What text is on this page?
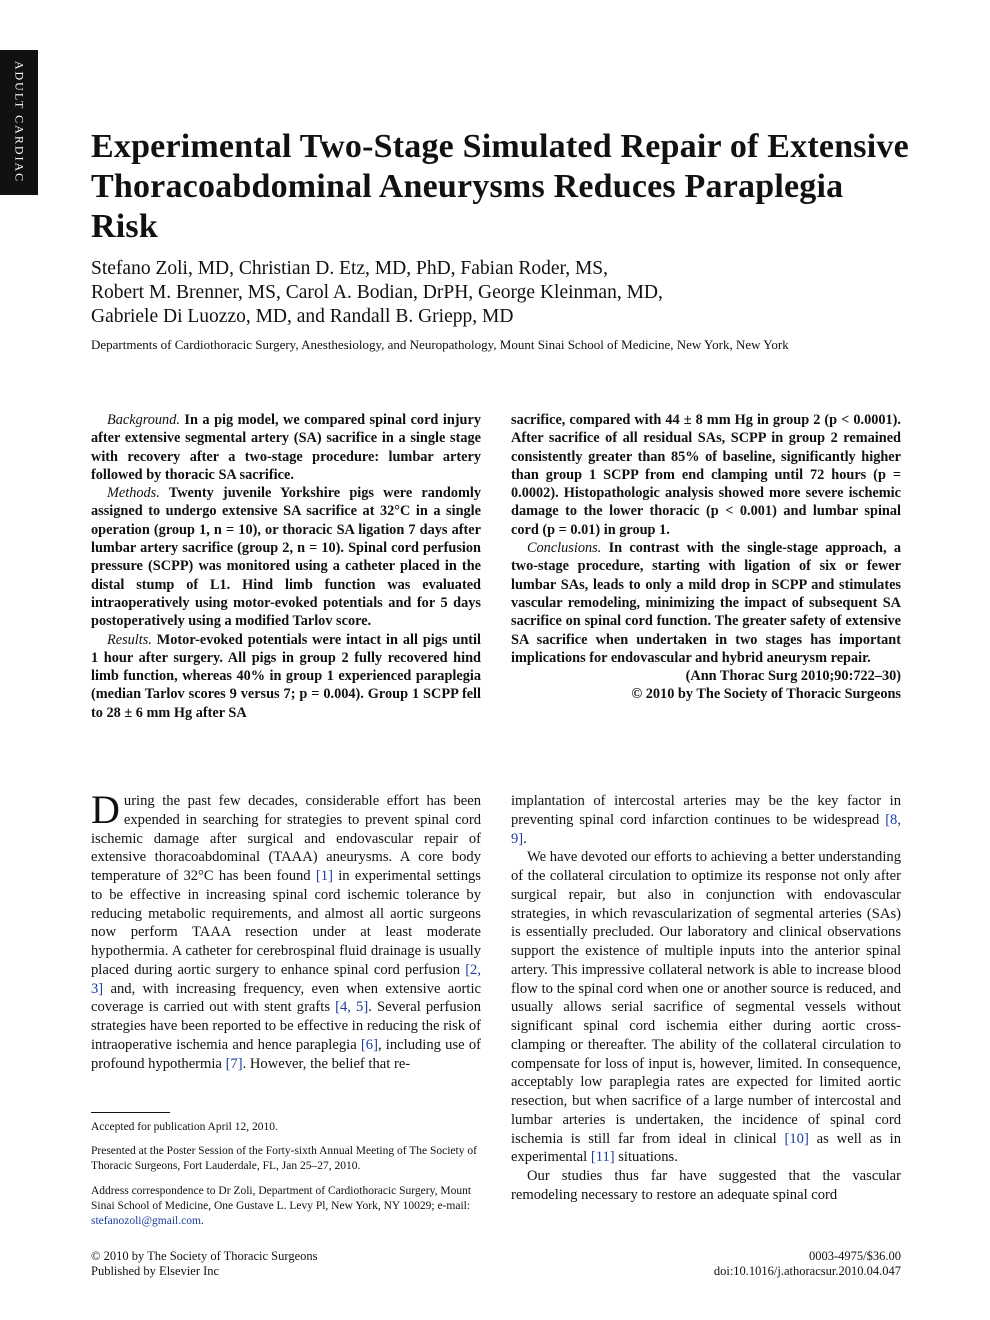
ADULT CARDIAC Experimental Two-Stage Simulated Repair of Extensive Thoracoabdominal Aneurysms Reduces Paraplegia Risk
Stefano Zoli, MD, Christian D. Etz, MD, PhD, Fabian Roder, MS,
Robert M. Brenner, MS, Carol A. Bodian, DrPH, George Kleinman, MD,
Gabriele Di Luozzo, MD, and Randall B. Griepp, MD

Departments of Cardiothoracic Surgery, Anesthesiology, and Neuropathology, Mount Sinai School of Medicine, New York, New York

Background. In a pig model, we compared spinal cord injury after extensive segmental artery (SA) sacrifice in a single stage with recovery after a two-stage procedure: lumbar artery followed by thoracic SA sacrifice.

Methods. Twenty juvenile Yorkshire pigs were randomly assigned to undergo extensive SA sacrifice at 32°C in a single operation (group 1, n = 10), or thoracic SA ligation 7 days after lumbar artery sacrifice (group 2, n = 10). Spinal cord perfusion pressure (SCPP) was monitored using a catheter placed in the distal stump of L1. Hind limb function was evaluated intraoperatively using motor-evoked potentials and for 5 days postoperatively using a modified Tarlov score.

Results. Motor-evoked potentials were intact in all pigs until 1 hour after surgery. All pigs in group 2 fully recovered hind limb function, whereas 40% in group 1 experienced paraplegia (median Tarlov scores 9 versus 7; p = 0.004). Group 1 SCPP fell to 28 ± 6 mm Hg after SA

sacrifice, compared with 44 ± 8 mm Hg in group 2 (p < 0.0001). After sacrifice of all residual SAs, SCPP in group 2 remained consistently greater than 85% of baseline, significantly higher than group 1 SCPP from end clamping until 72 hours (p = 0.0002). Histopathologic analysis showed more severe ischemic damage to the lower thoracic (p < 0.001) and lumbar spinal cord (p = 0.01) in group 1.

Conclusions. In contrast with the single-stage approach, a two-stage procedure, starting with ligation of six or fewer lumbar SAs, leads to only a mild drop in SCPP and stimulates vascular remodeling, minimizing the impact of subsequent SA sacrifice on spinal cord function. The greater safety of extensive SA sacrifice when undertaken in two stages has important implications for endovascular and hybrid aneurysm repair.

(Ann Thorac Surg 2010;90:722–30)

© 2010 by The Society of Thoracic Surgeons

During the past few decades, considerable effort has been expended in searching for strategies to prevent spinal cord ischemic damage after surgical and endovascular repair of extensive thoracoabdominal (TAAA) aneurysms. A core body temperature of 32°C has been found [1] in experimental settings to be effective in increasing spinal cord ischemic tolerance by reducing metabolic requirements, and almost all aortic surgeons now perform TAAA resection under at least moderate hypothermia. A catheter for cerebrospinal fluid drainage is usually placed during aortic surgery to enhance spinal cord perfusion [2, 3] and, with increasing frequency, even when extensive aortic coverage is carried out with stent grafts [4, 5]. Several perfusion strategies have been reported to be effective in reducing the risk of intraoperative ischemia and hence paraplegia [6], including use of profound hypothermia [7]. However, the belief that re-

implantation of intercostal arteries may be the key factor in preventing spinal cord infarction continues to be widespread [8, 9].

We have devoted our efforts to achieving a better understanding of the collateral circulation to optimize its response not only after surgical repair, but also in conjunction with endovascular strategies, in which revascularization of segmental arteries (SAs) is essentially precluded. Our laboratory and clinical observations support the existence of multiple inputs into the anterior spinal artery. This impressive collateral network is able to increase blood flow to the spinal cord when one or another source is reduced, and usually allows serial sacrifice of segmental vessels without significant spinal cord ischemia either during aortic cross-clamping or thereafter. The ability of the collateral circulation to compensate for loss of input is, however, limited. In consequence, acceptably low paraplegia rates are expected for limited aortic resection, but when sacrifice of a large number of intercostal and lumbar arteries is undertaken, the incidence of spinal cord ischemia is still far from ideal in clinical [10] as well as in experimental [11] situations.

Our studies thus far have suggested that the vascular remodeling necessary to restore an adequate spinal cord

Accepted for publication April 12, 2010.

Presented at the Poster Session of the Forty-sixth Annual Meeting of The Society of Thoracic Surgeons, Fort Lauderdale, FL, Jan 25–27, 2010.

Address correspondence to Dr Zoli, Department of Cardiothoracic Surgery, Mount Sinai School of Medicine, One Gustave L. Levy Pl, New York, NY 10029; e-mail: stefanozoli@gmail.com.

© 2010 by The Society of Thoracic Surgeons
Published by Elsevier Inc
0003-4975/$36.00
doi:10.1016/j.athoracsur.2010.04.047
